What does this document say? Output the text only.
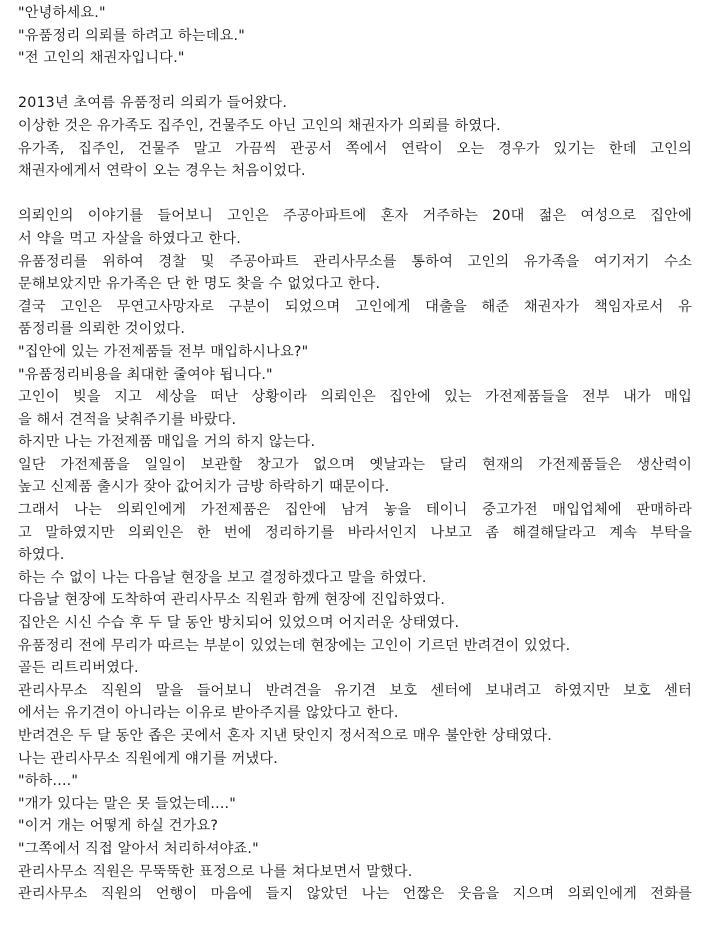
"안녕하세요."
"유품정리 의뢰를 하려고 하는데요."
"전 고인의 채권자입니다."
2013년 초여름 유품정리 의뢰가 들어왔다.
이상한 것은 유가족도 집주인, 건물주도 아닌 고인의 채권자가 의뢰를 하였다.
유가족, 집주인, 건물주 말고 가끔씩 관공서 쪽에서 연락이 오는 경우가 있기는 한데 고인의
채권자에게서 연락이 오는 경우는 처음이었다.
의뢰인의 이야기를 들어보니 고인은 주공아파트에 혼자 거주하는 20대 젊은 여성으로 집안에
서 약을 먹고 자살을 하였다고 한다.
유품정리를 위하여 경찰 및 주공아파트 관리사무소를 통하여 고인의 유가족을 여기저기 수소
문해보았지만 유가족은 단 한 명도 찾을 수 없었다고 한다.
결국 고인은 무연고사망자로 구분이 되었으며 고인에게 대출을 해준 채권자가 책임자로서 유
품정리를 의뢰한 것이었다.
"집안에 있는 가전제품들 전부 매입하시나요?"
"유품정리비용을 최대한 줄여야 됩니다."
고인이 빚을 지고 세상을 떠난 상황이라 의뢰인은 집안에 있는 가전제품들을 전부 내가 매입
을 해서 견적을 낮춰주기를 바랐다.
하지만 나는 가전제품 매입을 거의 하지 않는다.
일단 가전제품을 일일이 보관할 창고가 없으며 옛날과는 달리 현재의 가전제품들은 생산력이
높고 신제품 출시가 잦아 값어치가 금방 하락하기 때문이다.
그래서 나는 의뢰인에게 가전제품은 집안에 남겨 놓을 테이니 중고가전 매입업체에 판매하라
고 말하였지만 의뢰인은 한 번에 정리하기를 바라서인지 나보고 좀 해결해달라고 계속 부탁을
하였다.
하는 수 없이 나는 다음날 현장을 보고 결정하겠다고 말을 하였다.
다음날 현장에 도착하여 관리사무소 직원과 함께 현장에 진입하였다.
집안은 시신 수습 후 두 달 동안 방치되어 있었으며 어지러운 상태였다.
유품정리 전에 무리가 따르는 부분이 있었는데 현장에는 고인이 기르던 반려견이 있었다.
골든 리트리버였다.
관리사무소 직원의 말을 들어보니 반려견을 유기견 보호 센터에 보내려고 하였지만 보호 센터
에서는 유기견이 아니라는 이유로 받아주지를 않았다고 한다.
반려견은 두 달 동안 좁은 곳에서 혼자 지낸 탓인지 정서적으로 매우 불안한 상태였다.
나는 관리사무소 직원에게 얘기를 꺼냈다.
"하하...."
"개가 있다는 말은 못 들었는데...."
"이거 개는 어떻게 하실 건가요?
"그쪽에서 직접 알아서 처리하셔야죠."
관리사무소 직원은 무뚝뚝한 표정으로 나를 쳐다보면서 말했다.
관리사무소 직원의 언행이 마음에 들지 않았던 나는 언짢은 웃음을 지으며 의뢰인에게 전화를
